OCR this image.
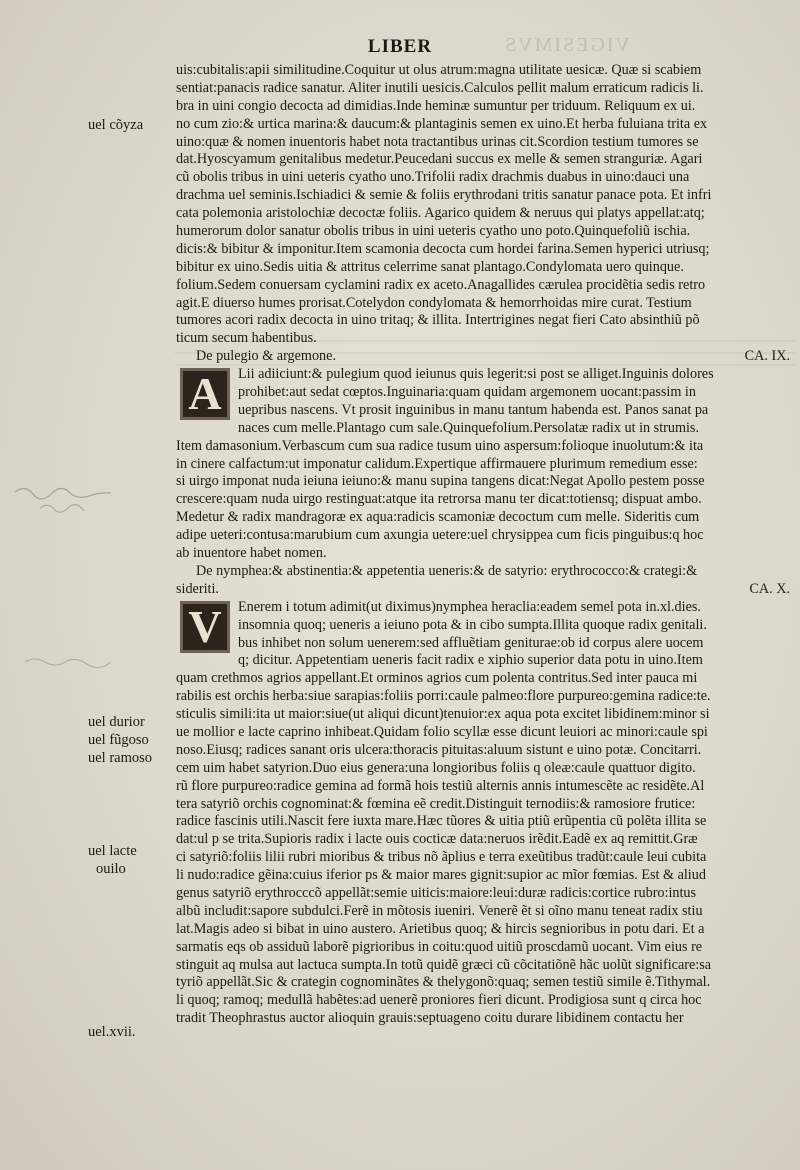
VIGESIMVS
LIBER
uel cõyza
uel durior
uel fũgoso
uel ramoso
uel lacte
ouilo
uel.xvii.
uis:cubitalis:apii similitudine.Coquitur ut olus atrum:magna utilitate uesicæ. Quæ si scabiem
sentiat:panacis radice sanatur. Aliter inutili uesicis.Calculos pellit malum erraticum radicis li.
bra in uini congio decocta ad dimidias.Inde heminæ sumuntur per triduum. Reliquum ex ui.
no cum zio:& urtica marina:& daucum:& plantaginis semen ex uino.Et herba fuluiana trita ex
uino:quæ & nomen inuentoris habet nota tractantibus urinas cit.Scordion testium tumores se
dat.Hyoscyamum genitalibus medetur.Peucedani succus ex melle & semen stranguriæ. Agari
cũ obolis tribus in uini ueteris cyatho uno.Trifolii radix drachmis duabus in uino:dauci una
drachma uel seminis.Ischiadici & semie & foliis erythrodani tritis sanatur panace pota. Et infri
cata polemonia aristolochiæ decoctæ foliis. Agarico quidem & neruus qui platys appellat:atq;
humerorum dolor sanatur obolis tribus in uini ueteris cyatho uno poto.Quinquefoliũ ischia.
dicis:& bibitur & imponitur.Item scamonia decocta cum hordei farina.Semen hyperici utriusq;
bibitur ex uino.Sedis uitia & attritus celerrime sanat plantago.Condylomata uero quinque.
folium.Sedem conuersam cyclamini radix ex aceto.Anagallides cærulea procidẽtia sedis retro
agit.E diuerso humes prorisat.Cotelydon condylomata & hemorrhoidas mire curat. Testium
tumores acori radix decocta in uino tritaq; & illita. Intertrigines negat fieri Cato absinthiũ põ
ticum secum habentibus.
De pulegio & argemone.	CA. IX.
A	Lii adiiciunt:& pulegium quod ieiunus quis legerit:si post se alliget.Inguinis dolores
prohibet:aut sedat cœptos.Inguinaria:quam quidam argemonem uocant:passim in
uepribus nascens. Vt prosit inguinibus in manu tantum habenda est. Panos sanat pa
naces cum melle.Plantago cum sale.Quinquefolium.Persolatæ radix ut in strumis.
Item damasonium.Verbascum cum sua radice tusum uino aspersum:folioque inuolutum:& ita
in cinere calfactum:ut imponatur calidum.Expertique affirmauere plurimum remedium esse:
si uirgo imponat nuda ieiuna ieiuno:& manu supina tangens dicat:Negat Apollo pestem posse
crescere:quam nuda uirgo restinguat:atque ita retrorsa manu ter dicat:totiensq; dispuat ambo.
Medetur & radix mandragoræ ex aqua:radicis scamoniæ decoctum cum melle. Sideritis cum
adipe ueteri:contusa:marubium cum axungia uetere:uel chrysippea cum ficis pinguibus:q hoc
ab inuentore habet nomen.
De nymphea:& abstinentia:& appetentia ueneris:& de satyrio: erythrococco:& crategi:&
sideriti.	CA. X.
V	Enerem i totum adimit(ut diximus)nymphea heraclia:eadem semel pota in.xl.dies.
insomnia quoq; ueneris a ieiuno pota & in cibo sumpta.Illita quoque radix genitali.
bus inhibet non solum uenerem:sed affluẽtiam geniturae:ob id corpus alere uocem
q; dicitur. Appetentiam ueneris facit radix e xiphio superior data potu in uino.Item
quam crethmos agrios appellant.Et orminos agrios cum polenta contritus.Sed inter pauca mi
rabilis est orchis herba:siue sarapias:foliis porri:caule palmeo:flore purpureo:gemina radice:te.
sticulis simili:ita ut maior:siue(ut aliqui dicunt)tenuior:ex aqua pota excitet libidinem:minor si
ue mollior e lacte caprino inhibeat.Quidam folio scyllæ esse dicunt leuiori ac minori:caule spi
noso.Eiusq; radices sanant oris ulcera:thoracis pituitas:aluum sistunt e uino potæ. Concitarri.
cem uim habet satyrion.Duo eius genera:una longioribus foliis q oleæ:caule quattuor digito.
rũ flore purpureo:radice gemina ad formã hois testiũ alternis annis intumescẽte ac residẽte.Al
tera satyriõ orchis cognominat:& fœmina eẽ credit.Distinguit ternodiis:& ramosiore frutice:
radice fascinis utili.Nascit fere iuxta mare.Hæc tũores & uitia ptiũ erũpentia cũ polẽta illita se
dat:ul p se trita.Supioris radix i lacte ouis cocticæ data:neruos irẽdit.Eadẽ ex aq remittit.Græ
ci satyriõ:foliis lilii rubri mioribus & tribus nõ ãplius e terra exeũtibus tradũt:caule leui cubita
li nudo:radice gẽina:cuius iferior ps & maior mares gignit:supior ac mĩor fœmias. Est & aliud
genus satyriõ erythrocccõ appellãt:semie uiticis:maiore:leui:duræ radicis:cortice rubro:intus
albũ includit:sapore subdulci.Ferẽ in mõtosis iueniri. Venerẽ ẽt si oĩno manu teneat radix stiu
lat.Magis adeo si bibat in uino austero. Arietibus quoq; & hircis segnioribus in potu dari. Et a
sarmatis eqs ob assiduũ laborẽ pigrioribus in coitu:quod uitiũ proscdamũ uocant. Vim eius re
stinguit aq mulsa aut lactuca sumpta.In totũ quidẽ græci cũ cõcitatiõnẽ hãc uolũt significare:sa
tyriõ appellãt.Sic & crategin cognominãtes & thelygonõ:quaq; semen testiũ simile ẽ.Tithymal.
li quoq; ramoq; medullã habẽtes:ad uenerẽ proniores fieri dicunt. Prodigiosa sunt q circa hoc
tradit Theophrastus auctor alioquin grauis:septuageno coitu durare libidinem contactu her
